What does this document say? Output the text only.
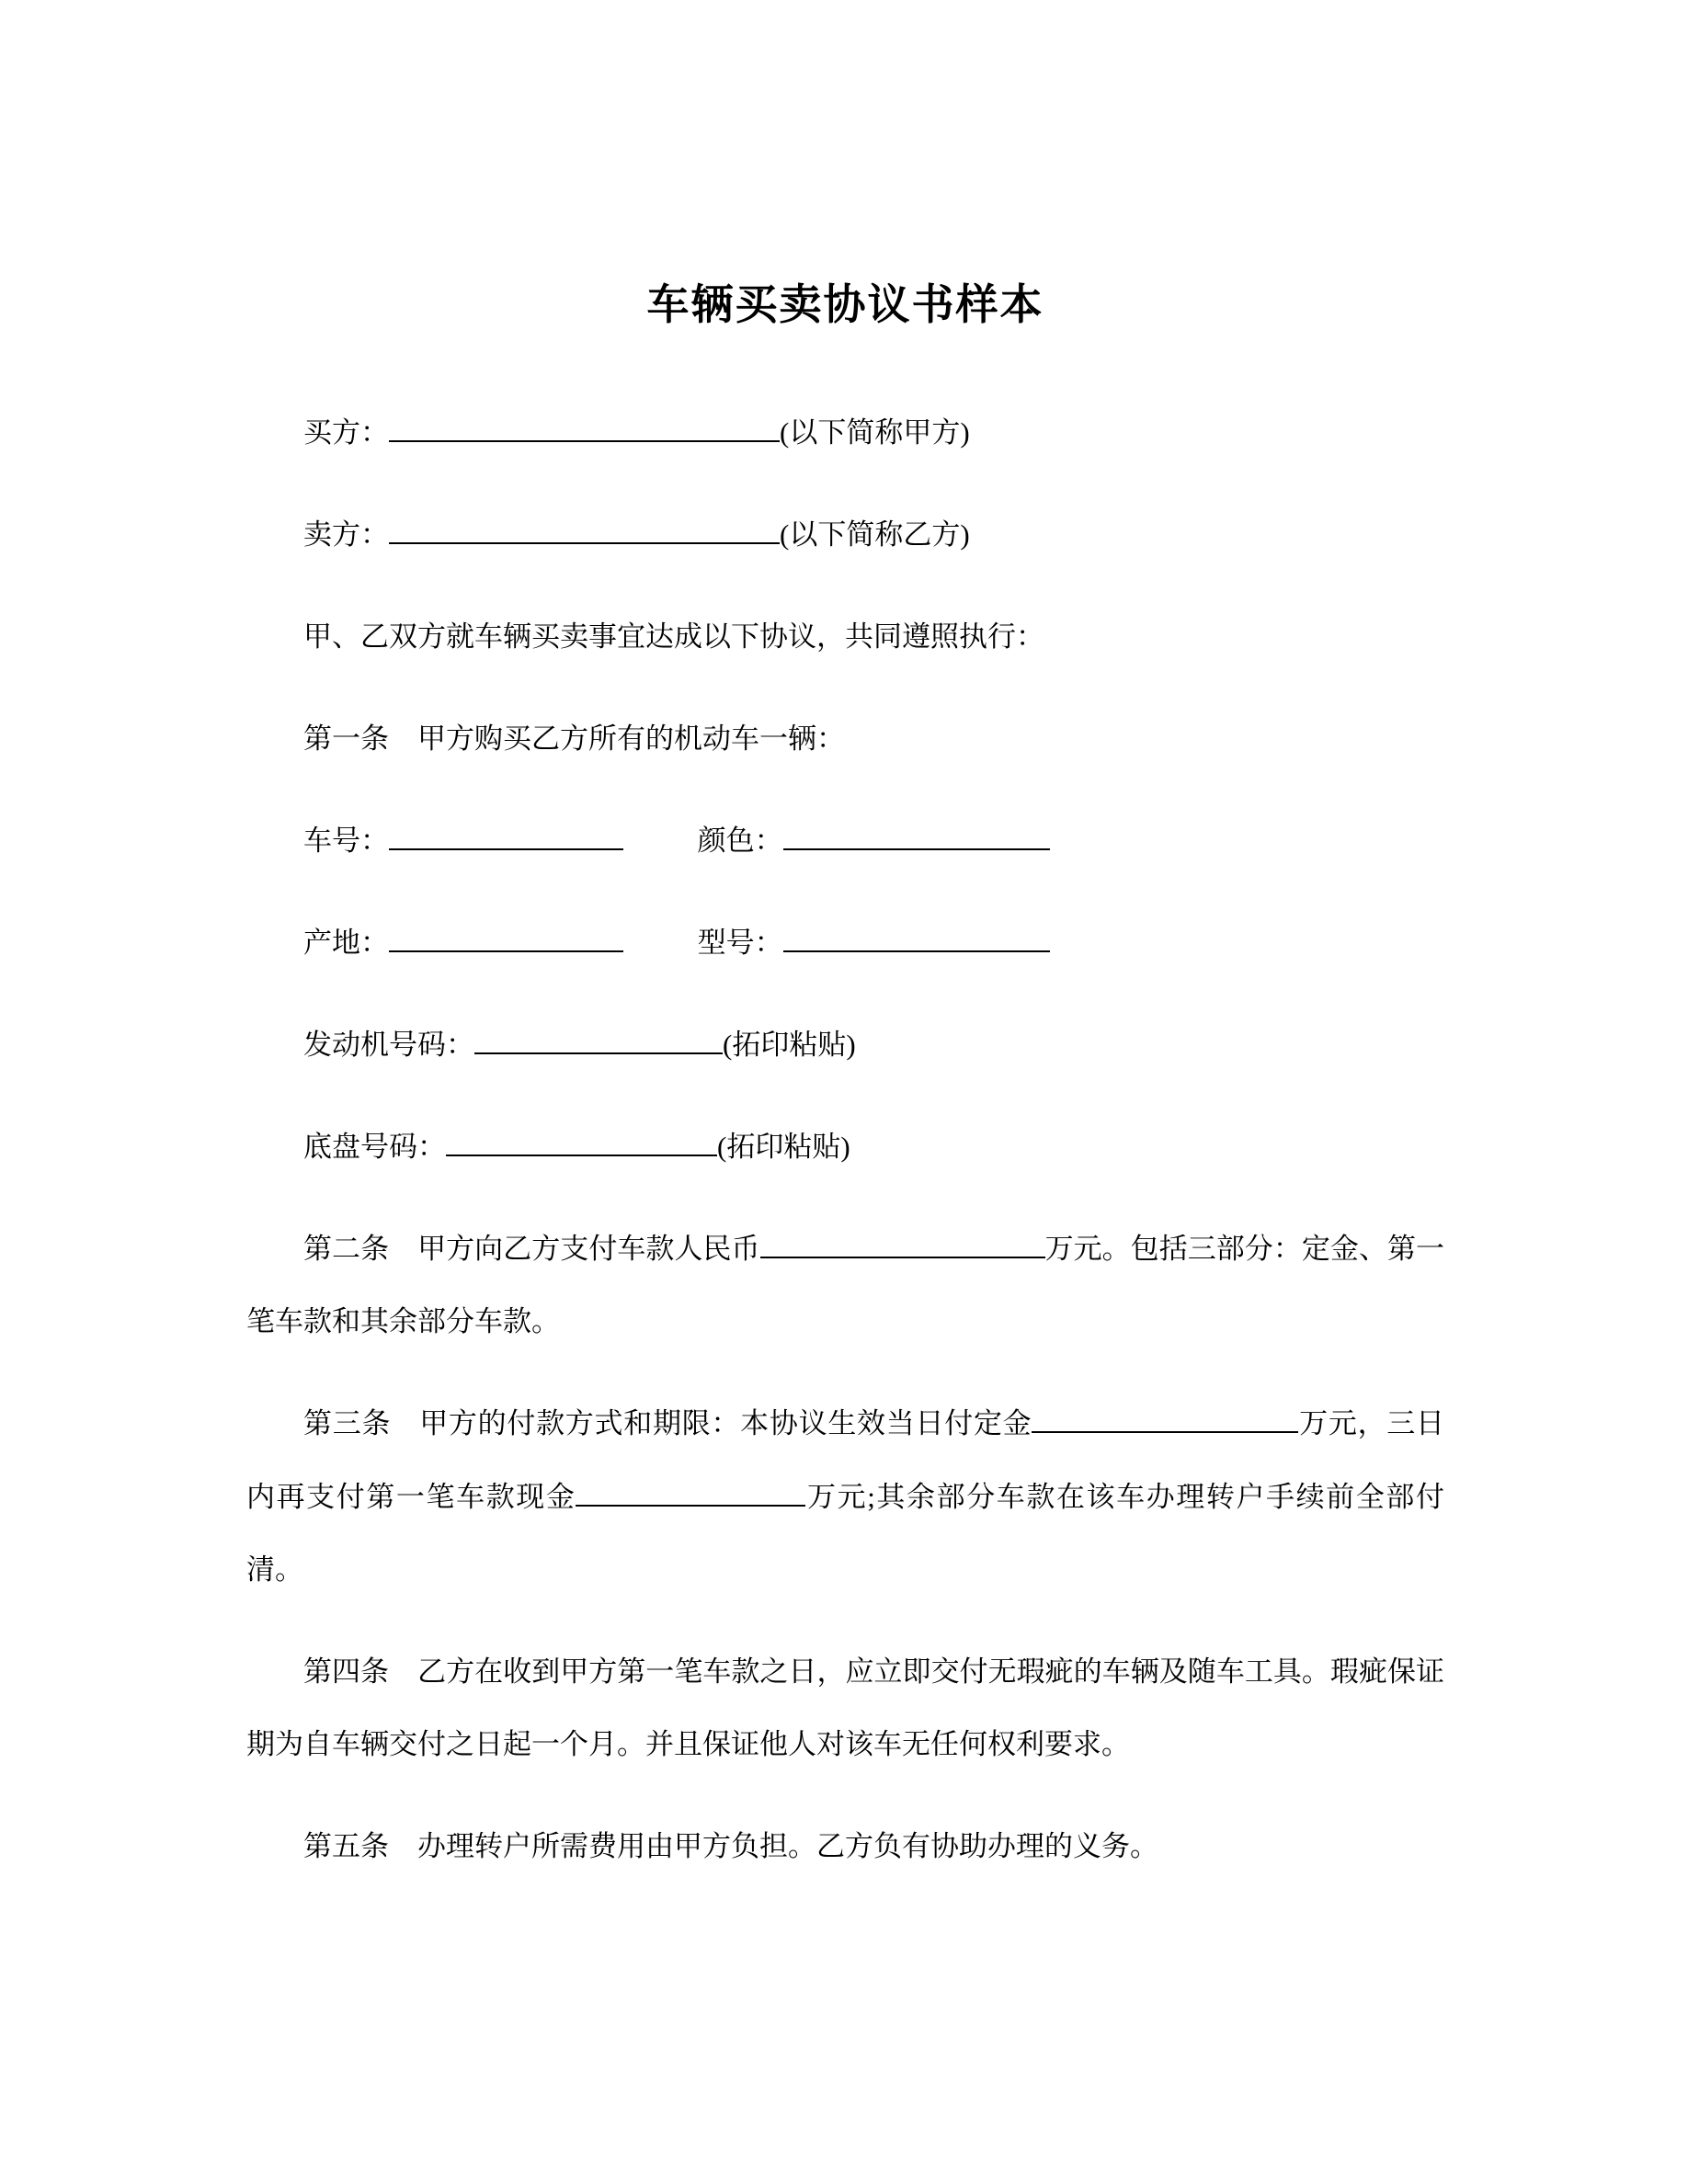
车辆买卖协议书样本

买方：	(以下简称甲方)

卖方：	(以下简称乙方)

甲、乙双方就车辆买卖事宜达成以下协议，共同遵照执行：

第一条 甲方购买乙方所有的机动车一辆：

车号：	颜色：

产地：	型号：

发动机号码：	(拓印粘贴)

底盘号码：	(拓印粘贴)

第二条 甲方向乙方支付车款人民币	万元。包括三部分：定金、第一笔车款和其余部分车款。

第三条 甲方的付款方式和期限：本协议生效当日付定金	万元，三日内再支付第一笔车款现金	万元;其余部分车款在该车办理转户手续前全部付清。

第四条 乙方在收到甲方第一笔车款之日，应立即交付无瑕疵的车辆及随车工具。瑕疵保证期为自车辆交付之日起一个月。并且保证他人对该车无任何权利要求。

第五条 办理转户所需费用由甲方负担。乙方负有协助办理的义务。
